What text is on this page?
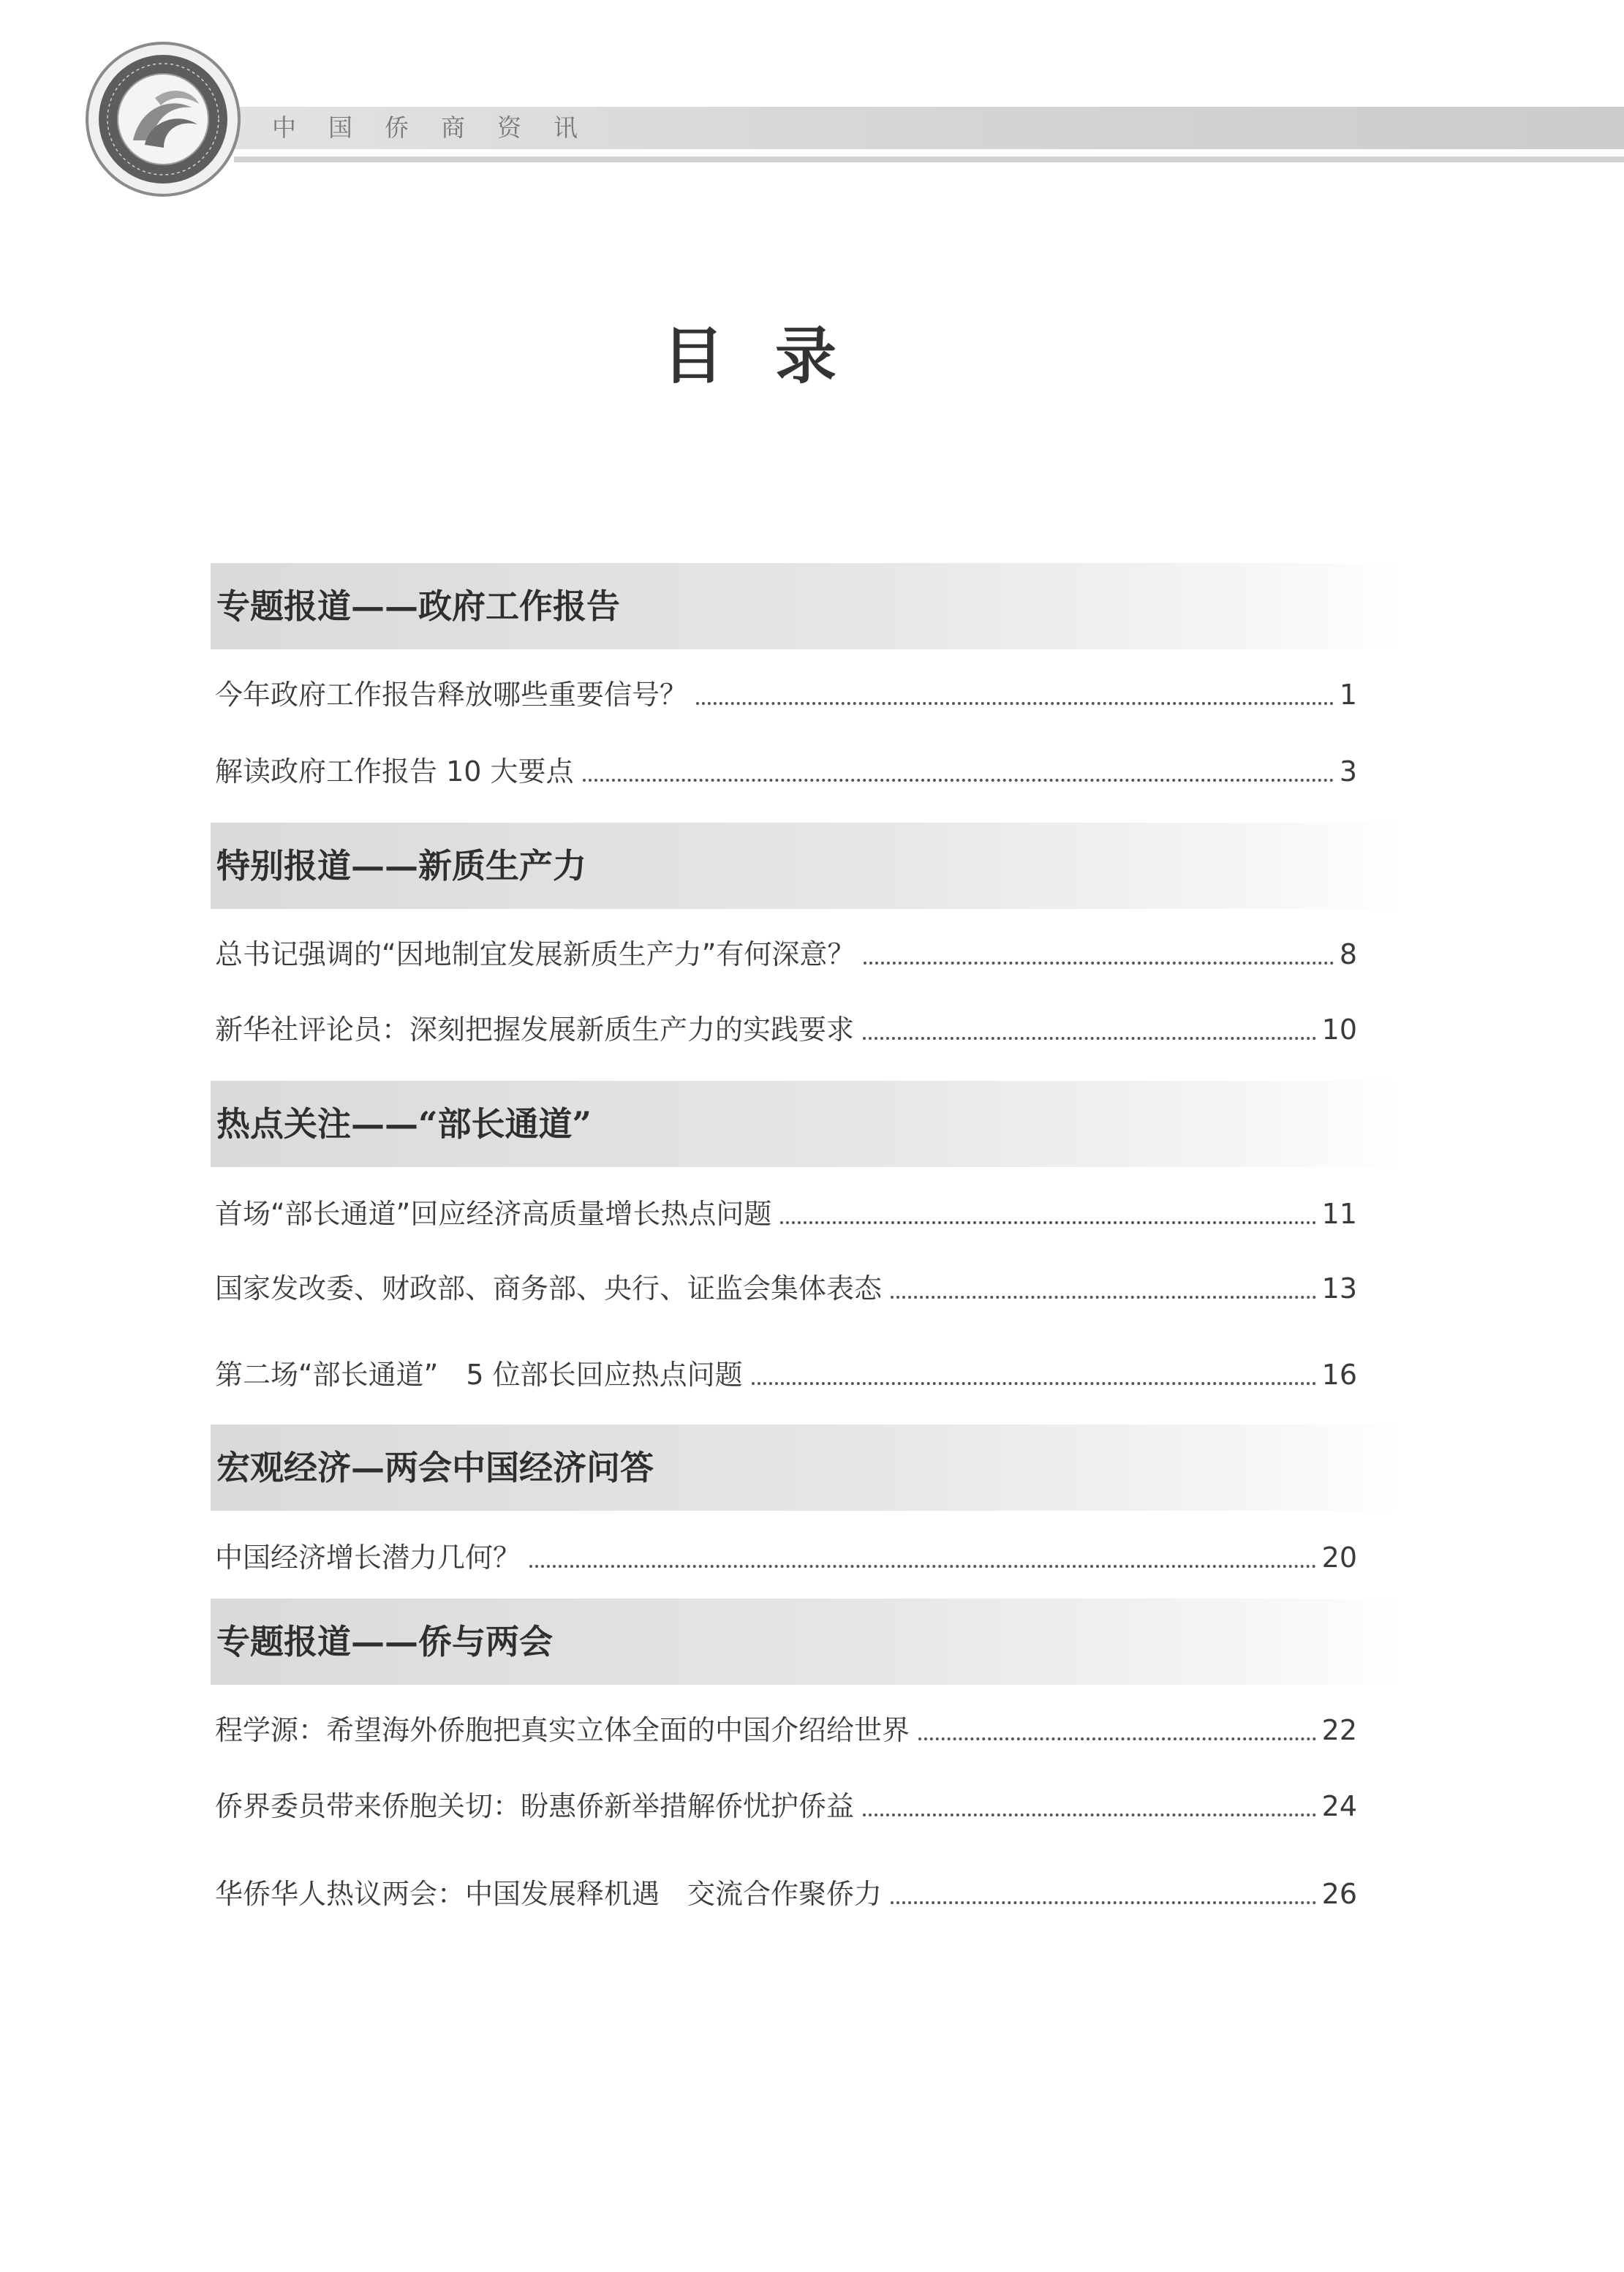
中国侨商资讯
目录
专题报道——政府工作报告
今年政府工作报告释放哪些重要信号？	1
解读政府工作报告 10 大要点	3
特别报道——新质生产力
总书记强调的“因地制宜发展新质生产力”有何深意？	8
新华社评论员：深刻把握发展新质生产力的实践要求	10
热点关注——“部长通道”
首场“部长通道”回应经济高质量增长热点问题	11
国家发改委、财政部、商务部、央行、证监会集体表态	13
第二场“部长通道”　5 位部长回应热点问题	16
宏观经济—两会中国经济问答
中国经济增长潜力几何？	20
专题报道——侨与两会
程学源：希望海外侨胞把真实立体全面的中国介绍给世界	22
侨界委员带来侨胞关切：盼惠侨新举措解侨忧护侨益	24
华侨华人热议两会：中国发展释机遇　交流合作聚侨力	26
